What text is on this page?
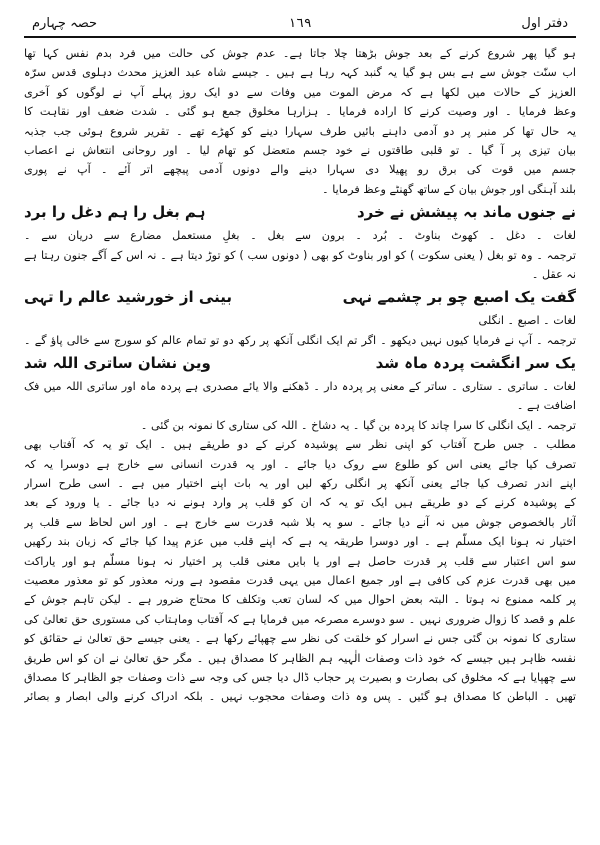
دفتر اول
١٦٩
حصہ چہارم
ہو گیا پھر شروع کرنے کے بعد جوش بڑھتا چلا جاتا ہے۔ عدم جوش کی حالت میں فرد بدم نفس کہا تھا
اب سنّت جوش سے ہے بس ہو گیا یہ گنبد کہہ رہا ہے ہیں ۔ جیسے شاہ عبد العزیز محدث دہلوی قدس سرّہ
العزیز کے حالات میں لکھا ہے کہ مرض الموت میں وفات سے دو ایک روز پہلے آپ نے لوگوں کو آخری
وعظ فرمایا ۔ اور وصیت کرنے کا ارادہ فرمایا ۔ ہزارہا مخلوق جمع ہو گئی ۔ شدت ضعف اور نقاہت کا
یہ حال تھا کر منبر پر دو آدمی داہنے بائیں طرف سہارا دینے کو کھڑے تھے ۔ تقریر شروع ہوئی جب جذبہ
بیان تیزی پر آ گیا ۔ تو قلبی طاقتوں نے خود جسم متعضل کو تھام لیا ۔ اور روحانی انتعاش نے اعصاب
جسم میں قوت کی برق رو پھیلا دی سہارا دینے والے دونوں آدمی پیچھے اتر آئے ۔ آپ نے پوری
بلند آہنگی اور جوش بیان کے ساتھ گھنٹے وعظ فرمایا ۔
نے جنوں ماند بہ پیشش نے خرد
ہم بغل را ہم دغل را برد
لغات ۔ دغل ۔ کھوٹ بناوٹ ۔ بُرد ۔ برون سے بغل ۔ بغلِ مستعمل مضارع سے دریان سے ۔
ترجمہ ۔ وہ تو بغل ( یعنی سکوت ) کو اور بناوٹ کو بھی ( دونوں سب ) کو توڑ دیتا ہے ۔ نہ اس کے آگے جنون رہتا ہے
نہ عقل ۔
گفت یک اصبع چو بر چشمے نہی
بینی از خورشید عالم را تہی
لغات ۔ اصبع ۔ انگلی
ترجمہ ۔ آپ نے فرمایا کیوں نہیں دیکھو ۔ اگر تم ایک انگلی آنکھ پر رکھ دو تو تمام عالم کو سورج سے خالی پاؤ گے ۔
یک سر انگشت پردہ ماہ شد
وین نشان ساتری اللہ شد
لغات ۔ ساتری ۔ ستاری ۔ ساتر کے معنی پر پردہ دار ۔ ڈھکنے والا یائے مصدری ہے پردہ ماہ اور ساتری اللہ میں فک
اضافت ہے ۔
ترجمہ ۔ ایک انگلی کا سرا چاند کا پردہ بن گیا ۔ یہ دشاخ ۔ اللہ کی ستاری کا نمونہ بن گئی ۔
مطلب ۔ جس طرح آفتاب کو اپنی نظر سے پوشیدہ کرنے کے دو طریقے ہیں ۔ ایک تو یہ کہ آفتاب بھی
تصرف کیا جائے یعنی اس کو طلوع سے روک دیا جائے ۔ اور یہ قدرت انسانی سے خارج ہے دوسرا یہ کہ
اپنے اندر تصرف کیا جائے یعنی آنکھ پر انگلی رکھ لیں اور یہ بات اپنے اختیار میں ہے ۔ اسی طرح اسرار
کے پوشیدہ کرنے کے دو طریقے ہیں ایک تو یہ کہ ان کو قلب پر وارد ہونے نہ دیا جائے ۔ یا ورود کے بعد
آثار بالخصوص جوش میں نہ آنے دیا جائے ۔ سو یہ بلا شبہ قدرت سے خارج ہے ۔ اور اس لحاظ سے قلب پر
اختیار نہ ہونا ایک مسلّم ہے ۔ اور دوسرا طریقہ یہ ہے کہ اپنے قلب میں عزم پیدا کیا جائے کہ زبان بند رکھیں
سو اس اعتبار سے قلب پر قدرت حاصل ہے اور یا بایں معنی قلب پر اختیار نہ ہونا مسلّم ہو اور یاراکت
میں بھی قدرت عزم کی کافی ہے اور جمیع اعمال میں یہی قدرت مقصود ہے ورنہ معذور کو تو معذور معصیت
پر کلمہ ممنوع نہ ہوتا ۔ البتہ بعض احوال میں کہ لسان تعب وتکلف کا محتاج ضرور ہے ۔ لیکن تاہم جوش کے
علم و قصد کا زوال ضروری نہیں ۔ سو دوسرے مصرعہ میں فرمایا ہے کہ آفتاب وماہتاب کی مستوری حق تعالیٰ کی
ستاری کا نمونہ بن گئی جس نے اسرار کو خلقت کی نظر سے چھپائے رکھا ہے ۔ یعنی جیسے حق تعالیٰ نے حقائق کو
نفسہ ظاہر ہیں جیسے کہ خود ذات وصفات الٰہیہ ہم الظاہر کا مصداق ہیں ۔ مگر حق تعالیٰ نے ان کو اس طریق
سے چھپایا ہے کہ مخلوق کی بصارت و بصیرت پر حجاب ڈال دیا جس کی وجہ سے ذات وصفات جو الظاہر کا مصداق
تھیں ۔ الباطن کا مصداق ہو گئیں ۔ پس وہ ذات وصفات محجوب نہیں ۔ بلکہ ادراک کرنے والی ابصار و بصائر
